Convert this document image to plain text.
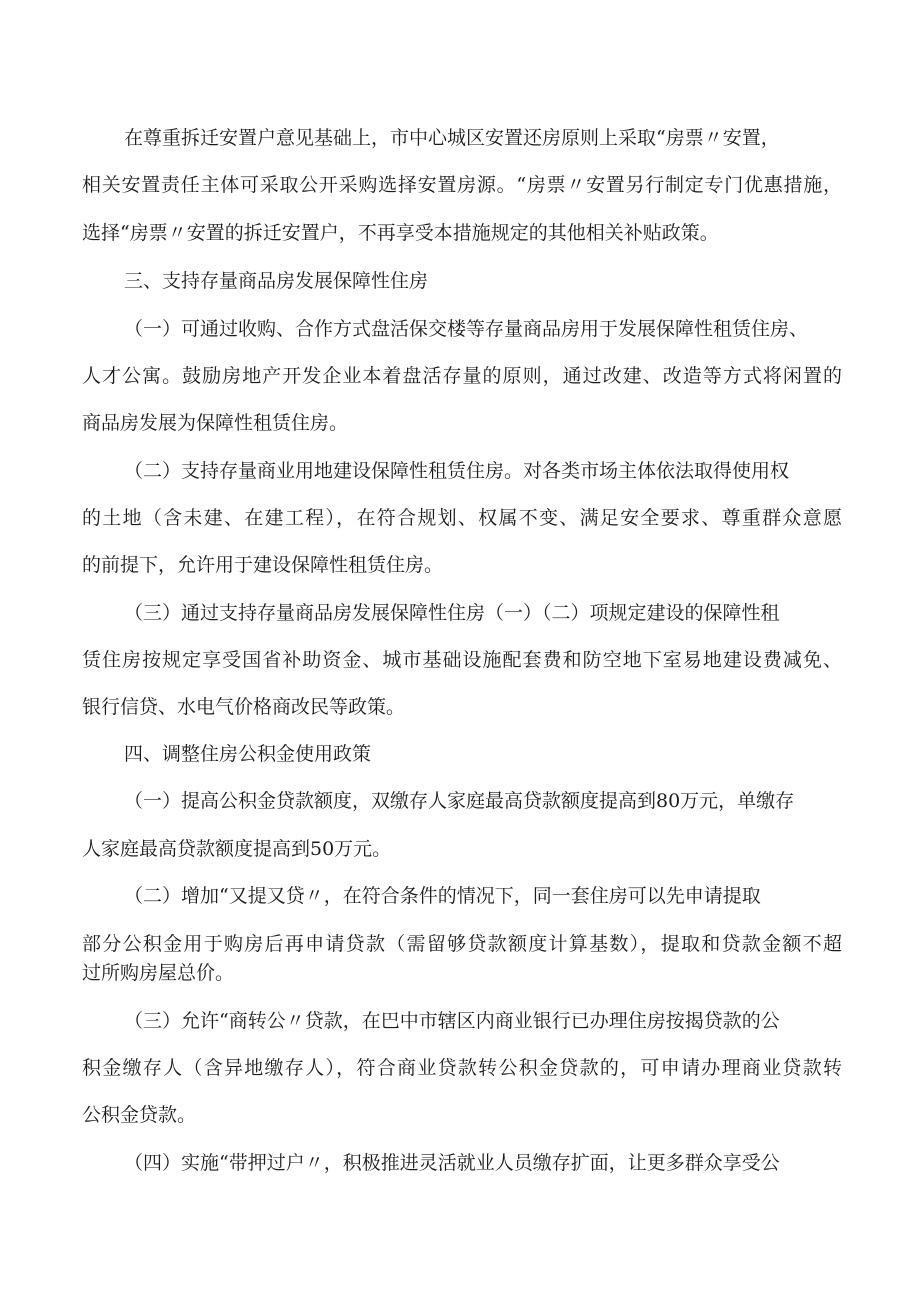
在尊重拆迁安置户意见基础上，市中心城区安置还房原则上采取“房票〃安置，
相关安置责任主体可采取公开采购选择安置房源。“房票〃安置另行制定专门优惠措施，
选择“房票〃安置的拆迁安置户，不再享受本措施规定的其他相关补贴政策。
三、支持存量商品房发展保障性住房
（一）可通过收购、合作方式盘活保交楼等存量商品房用于发展保障性租赁住房、
人才公寓。鼓励房地产开发企业本着盘活存量的原则，通过改建、改造等方式将闲置的
商品房发展为保障性租赁住房。
（二）支持存量商业用地建设保障性租赁住房。对各类市场主体依法取得使用权
的土地（含未建、在建工程），在符合规划、权属不变、满足安全要求、尊重群众意愿
的前提下，允许用于建设保障性租赁住房。
（三）通过支持存量商品房发展保障性住房（一）（二）项规定建设的保障性租
赁住房按规定享受国省补助资金、城市基础设施配套费和防空地下室易地建设费减免、
银行信贷、水电气价格商改民等政策。
四、调整住房公积金使用政策
（一）提高公积金贷款额度，双缴存人家庭最高贷款额度提高到80万元，单缴存
人家庭最高贷款额度提高到50万元。
（二）增加“又提又贷〃，在符合条件的情况下，同一套住房可以先申请提取
部分公积金用于购房后再申请贷款（需留够贷款额度计算基数），提取和贷款金额不超
过所购房屋总价。
（三）允许“商转公〃贷款，在巴中市辖区内商业银行已办理住房按揭贷款的公
积金缴存人（含异地缴存人），符合商业贷款转公积金贷款的，可申请办理商业贷款转
公积金贷款。
（四）实施“带押过户〃，积极推进灵活就业人员缴存扩面，让更多群众享受公
